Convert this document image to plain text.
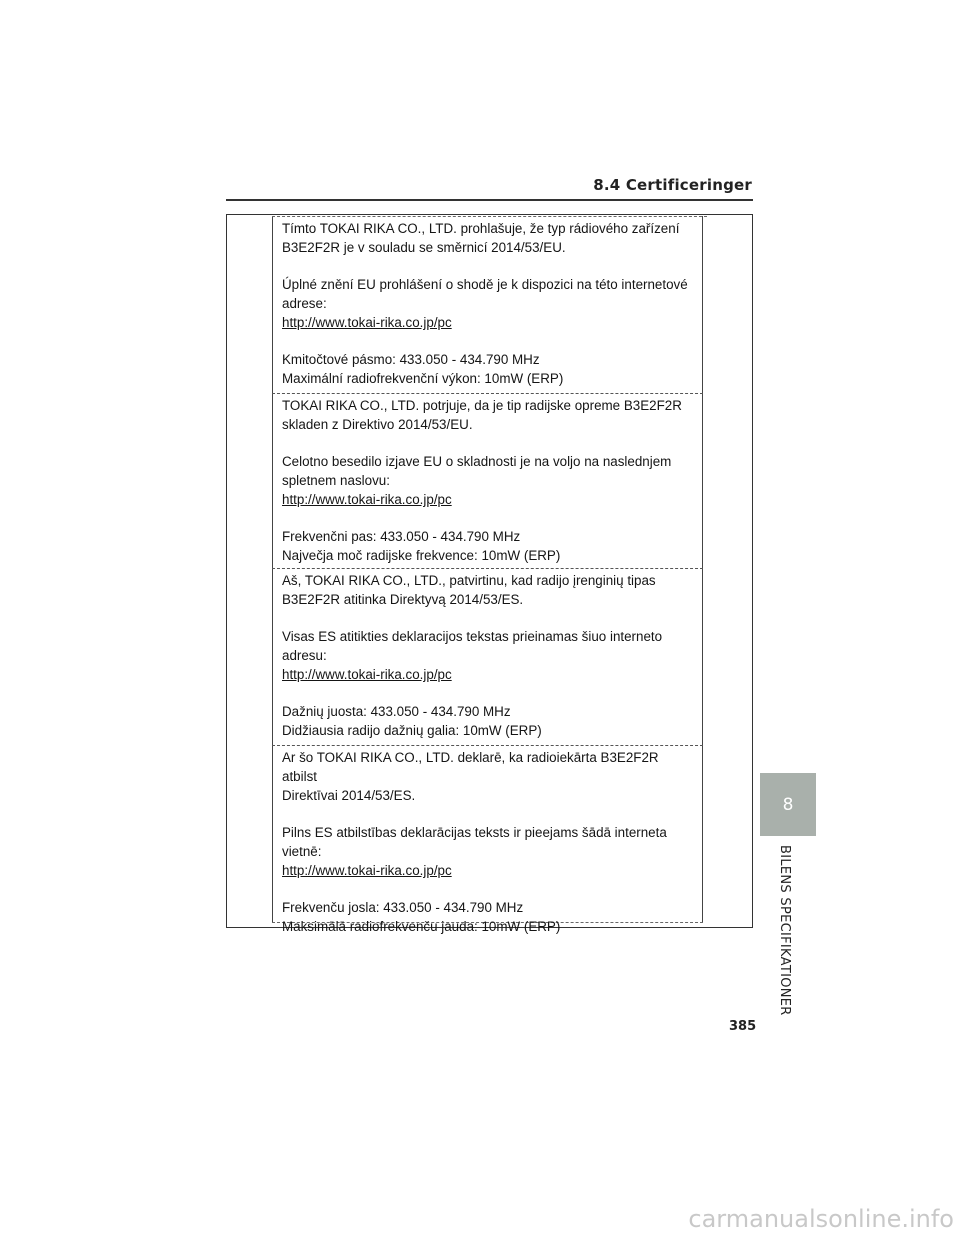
8.4 Certificeringer

Tímto TOKAI RIKA CO., LTD. prohlašuje, že typ rádiového zařízení

B3E2F2R je v souladu se směrnicí 2014/53/EU.

Úplné znění EU prohlášení o shodě je k dispozici na této internetové

adrese:

http://www.tokai-rika.co.jp/pc

Kmitočtové pásmo: 433.050 - 434.790 MHz

Maximální radiofrekvenční výkon: 10mW (ERP)

TOKAI RIKA CO., LTD. potrjuje, da je tip radijske opreme B3E2F2R

skladen z Direktivo 2014/53/EU.

Celotno besedilo izjave EU o skladnosti je na voljo na naslednjem

spletnem naslovu:

http://www.tokai-rika.co.jp/pc

Frekvenčni pas: 433.050 - 434.790 MHz

Največja moč radijske frekvence: 10mW (ERP)

Aš, TOKAI RIKA CO., LTD., patvirtinu, kad radijo įrenginių tipas

B3E2F2R atitinka Direktyvą 2014/53/ES.

Visas ES atitikties deklaracijos tekstas prieinamas šiuo interneto

adresu:

http://www.tokai-rika.co.jp/pc

Dažnių juosta: 433.050 - 434.790 MHz

Didžiausia radijo dažnių galia: 10mW (ERP)

Ar šo TOKAI RIKA CO., LTD. deklarē, ka radioiekārta B3E2F2R atbilst

Direktīvai 2014/53/ES.

Pilns ES atbilstības deklarācijas teksts ir pieejams šādā interneta

vietnē:

http://www.tokai-rika.co.jp/pc

Frekvenču josla: 433.050 - 434.790 MHz

Maksimālā radiofrekvenču jauda: 10mW (ERP)

8
BILENS SPECIFIKATIONER
385
carmanualsonline.info
